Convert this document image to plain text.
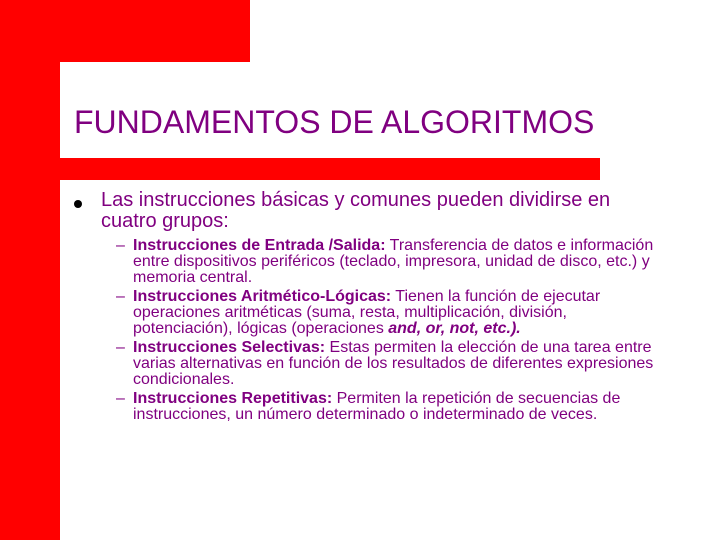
FUNDAMENTOS DE ALGORITMOS
Las instrucciones básicas y comunes pueden dividirse en cuatro grupos:
– Instrucciones de Entrada /Salida: Transferencia de datos e información entre dispositivos periféricos (teclado, impresora, unidad de disco, etc.) y memoria central.
– Instrucciones Aritmético-Lógicas: Tienen la función de ejecutar operaciones aritméticas (suma, resta, multiplicación, división, potenciación), lógicas (operaciones and, or, not, etc.).
– Instrucciones Selectivas: Estas permiten la elección de una tarea entre varias alternativas en función de los resultados de diferentes expresiones condicionales.
– Instrucciones Repetitivas: Permiten la repetición de secuencias de instrucciones, un número determinado o indeterminado de veces.
